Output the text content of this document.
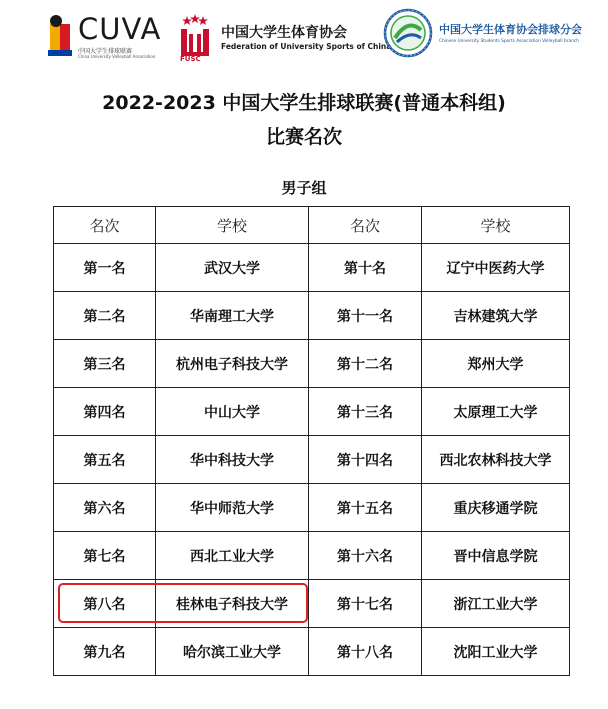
CUVA
中国大学生排球联赛
China University Volleyball Association
中国大学生体育协会
Federation of University Sports of China
FUSC
中国大学生体育协会排球分会
Chinese University Students Sports Association Volleyball branch
2022-2023 中国大学生排球联赛(普通本科组)
比赛名次
男子组
名次	学校	名次	学校
第一名	武汉大学	第十名	辽宁中医药大学
第二名	华南理工大学	第十一名	吉林建筑大学
第三名	杭州电子科技大学	第十二名	郑州大学
第四名	中山大学	第十三名	太原理工大学
第五名	华中科技大学	第十四名	西北农林科技大学
第六名	华中师范大学	第十五名	重庆移通学院
第七名	西北工业大学	第十六名	晋中信息学院
第八名	桂林电子科技大学	第十七名	浙江工业大学
第九名	哈尔滨工业大学	第十八名	沈阳工业大学
